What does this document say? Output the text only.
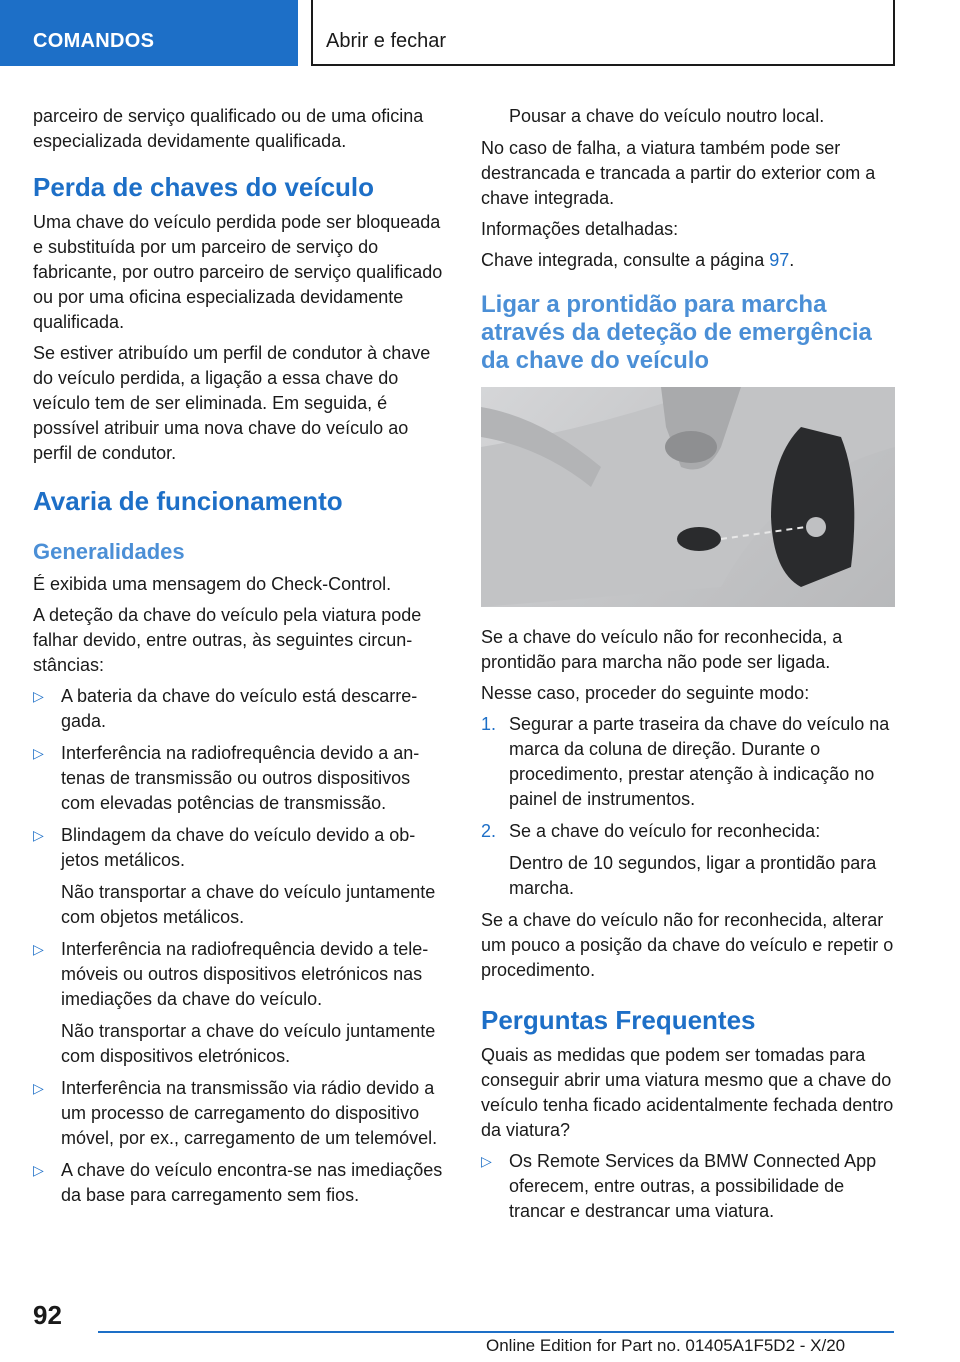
COMANDOS	Abrir e fechar

parceiro de serviço qualificado ou de uma oficina especializada devidamente qualificada.

Perda de chaves do veículo

Uma chave do veículo perdida pode ser bloqueada e substituída por um parceiro de serviço do fabricante, por outro parceiro de serviço qualificado ou por uma oficina especializada devidamente qualificada.

Se estiver atribuído um perfil de condutor à chave do veículo perdida, a ligação a essa chave do veículo tem de ser eliminada. Em seguida, é possível atribuir uma nova chave do veículo ao perfil de condutor.

Avaria de funcionamento
Generalidades

É exibida uma mensagem do Check-Control.

A deteção da chave do veículo pela viatura pode falhar devido, entre outras, às seguintes circunstâncias:

▷ A bateria da chave do veículo está descarregada.
▷ Interferência na radiofrequência devido a antenas de transmissão ou outros dispositivos com elevadas potências de transmissão.
▷ Blindagem da chave do veículo devido a objetos metálicos.
Não transportar a chave do veículo juntamente com objetos metálicos.
▷ Interferência na radiofrequência devido a telemóveis ou outros dispositivos eletrónicos nas imediações da chave do veículo.
Não transportar a chave do veículo juntamente com dispositivos eletrónicos.
▷ Interferência na transmissão via rádio devido a um processo de carregamento do dispositivo móvel, por ex., carregamento de um telemóvel.
▷ A chave do veículo encontra-se nas imediações da base para carregamento sem fios.
Pousar a chave do veículo noutro local.

No caso de falha, a viatura também pode ser destrancada e trancada a partir do exterior com a chave integrada.

Informações detalhadas:

Chave integrada, consulte a página 97.

Ligar a prontidão para marcha através da deteção de emergência da chave do veículo

Se a chave do veículo não for reconhecida, a prontidão para marcha não pode ser ligada.

Nesse caso, proceder do seguinte modo:

1. Segurar a parte traseira da chave do veículo na marca da coluna de direção. Durante o procedimento, prestar atenção à indicação no painel de instrumentos.
2. Se a chave do veículo for reconhecida:
Dentro de 10 segundos, ligar a prontidão para marcha.

Se a chave do veículo não for reconhecida, alterar um pouco a posição da chave do veículo e repetir o procedimento.

Perguntas Frequentes

Quais as medidas que podem ser tomadas para conseguir abrir uma viatura mesmo que a chave do veículo tenha ficado acidentalmente fechada dentro da viatura?

▷ Os Remote Services da BMW Connected App oferecem, entre outras, a possibilidade de trancar e destrancar uma viatura.
92
Online Edition for Part no. 01405A1F5D2 - X/20
